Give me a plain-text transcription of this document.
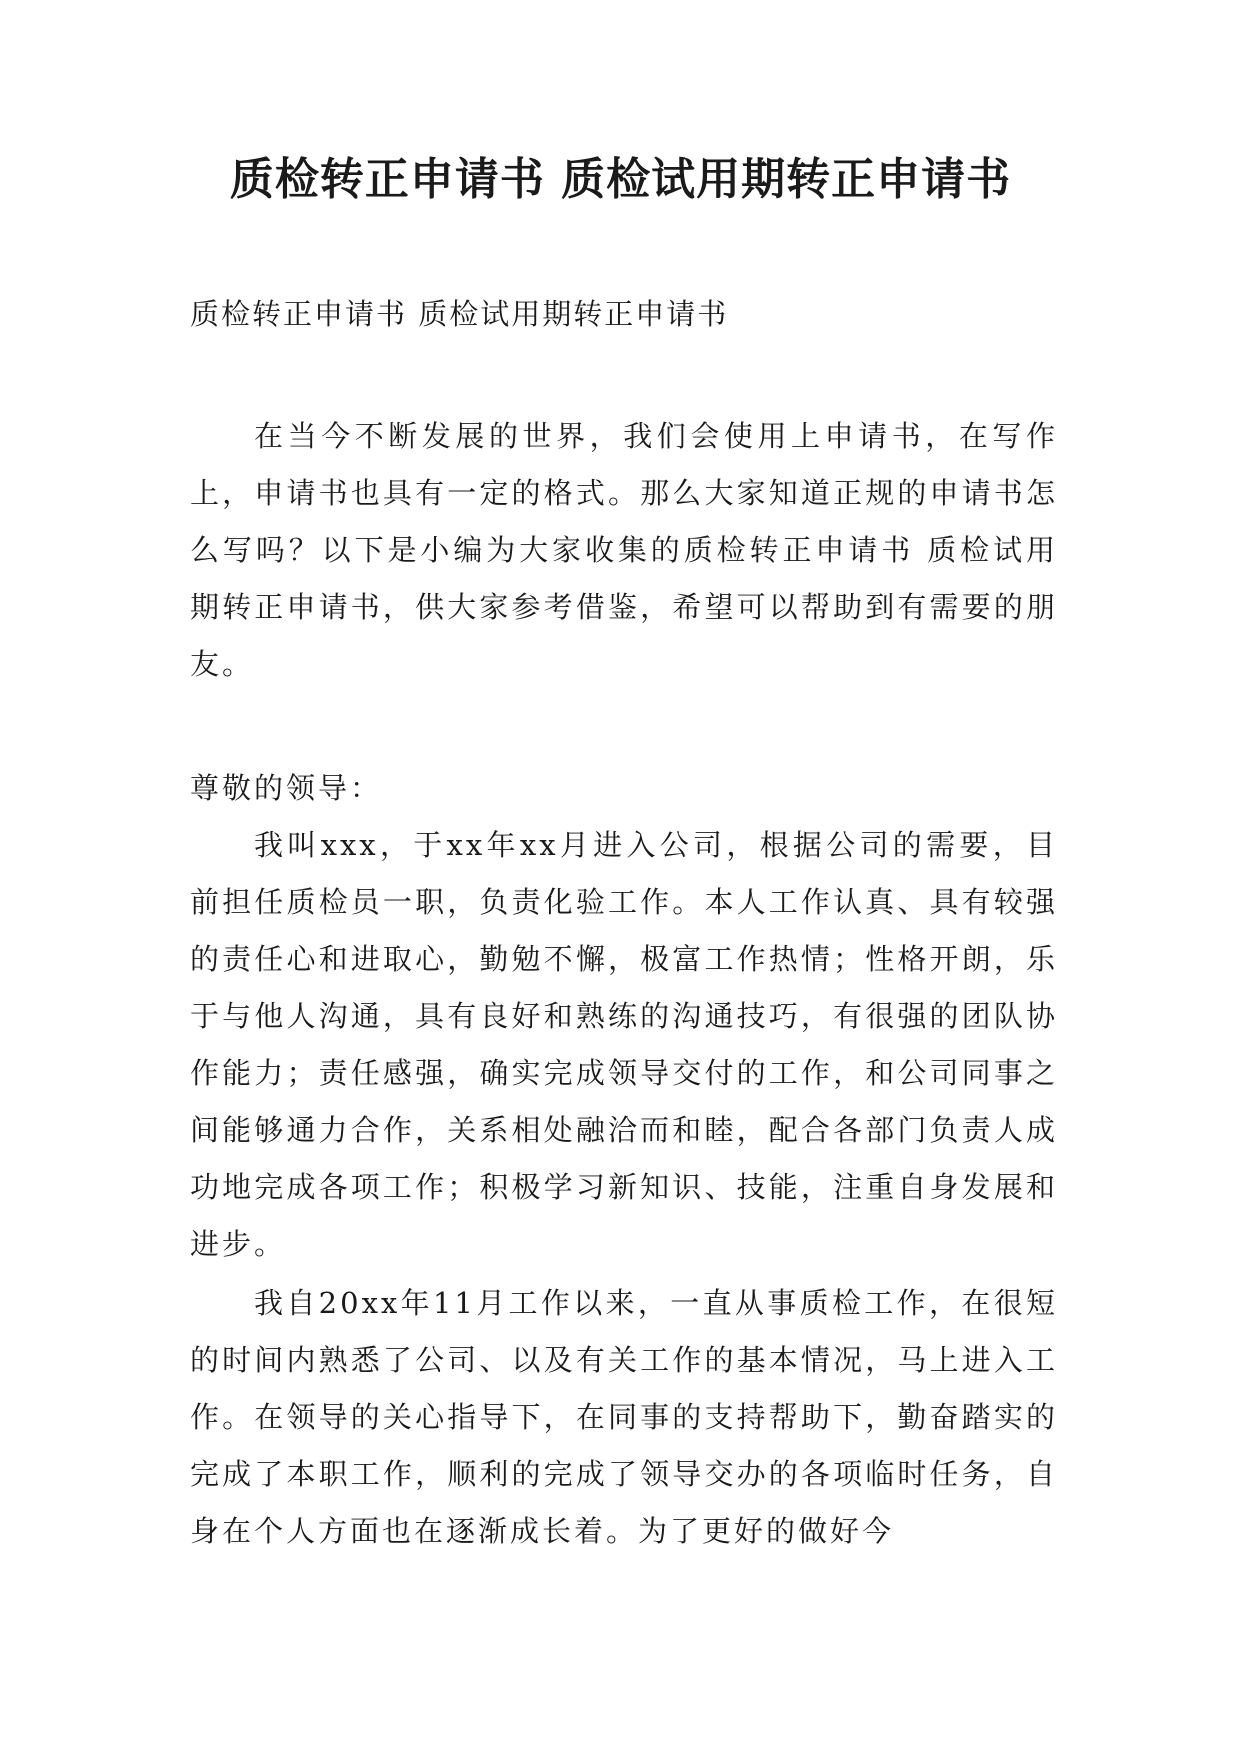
质检转正申请书 质检试用期转正申请书
质检转正申请书 质检试用期转正申请书

在当今不断发展的世界，我们会使用上申请书，在写作上，申请书也具有一定的格式。那么大家知道正规的申请书怎么写吗？以下是小编为大家收集的质检转正申请书 质检试用期转正申请书，供大家参考借鉴，希望可以帮助到有需要的朋友。

尊敬的领导：

我叫xxx，于xx年xx月进入公司，根据公司的需要，目前担任质检员一职，负责化验工作。本人工作认真、具有较强的责任心和进取心，勤勉不懈，极富工作热情；性格开朗，乐于与他人沟通，具有良好和熟练的沟通技巧，有很强的团队协作能力；责任感强，确实完成领导交付的工作，和公司同事之间能够通力合作，关系相处融洽而和睦，配合各部门负责人成功地完成各项工作；积极学习新知识、技能，注重自身发展和进步。

我自20xx年11月工作以来，一直从事质检工作，在很短的时间内熟悉了公司、以及有关工作的基本情况，马上进入工作。在领导的关心指导下，在同事的支持帮助下，勤奋踏实的完成了本职工作，顺利的完成了领导交办的各项临时任务，自身在个人方面也在逐渐成长着。为了更好的做好今
